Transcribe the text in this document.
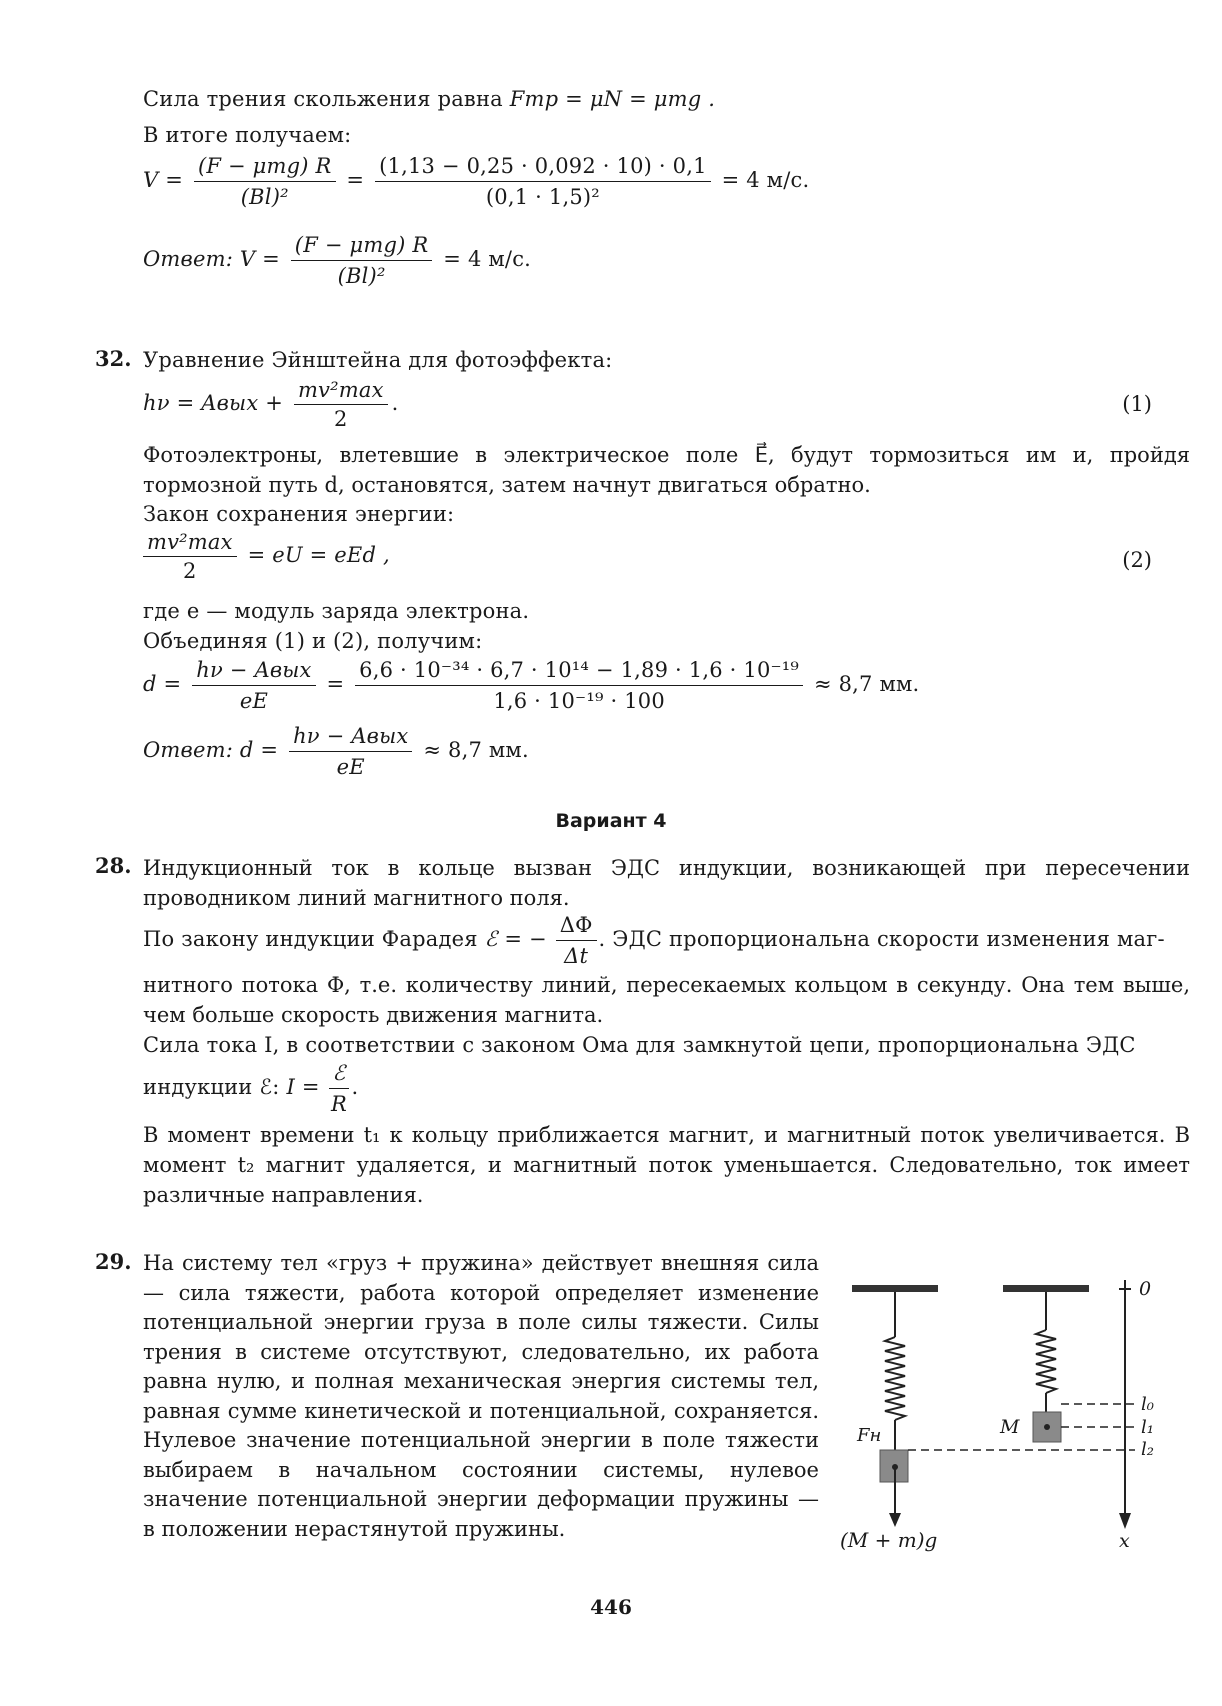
Сила трения скольжения равна Fтр = μN = μmg .
В итоге получаем:
V =
(F − μmg) R
(Bl)²
= $\frac{(1,13 - 0,25 \cdot 0,092 \cdot 10) \cdot 0,1}{\text{(0,1 · 1,5)²}} = 4$ м/с.
Ответ: V =
(F − μmg) R
(Bl)²
= 4 м/с.
32. Уравнение Эйнштейна для фотоэффекта:
hν = Aвых +
mv²max
2
.	(1)

Фотоэлектроны, влетевшие в электрическое поле E⃗, будут тормозиться им и, пройдя тормозной путь d, остановятся, затем начнут двигаться обратно.

Закон сохранения энергии:
mv²max
2
= eU = eEd ,	(2)
где e — модуль заряда электрона.
Объединяя (1) и (2), получим:
d =
hν − Aвых
eE
= $\frac{\text{6,6 · 10⁻³⁴ · 6,7 · 10¹⁴ − 1,89 · 1,6 · 10⁻¹⁹}}{\text{1,6 · 10⁻¹⁹ · 100}} \approx 8,7$ мм.
Ответ: d =
hν − Aвых
eE
≈ 8,7 мм.
Вариант 4
28. Индукционный ток в кольце вызван ЭДС индукции, возникающей при пересечении проводником линий магнитного поля.

По закону индукции Фарадея ℰ = − $\frac{\Delta\Phi}{\Delta t}$ . ЭДС пропорциональна скорости изменения маг-

нитного потока Φ, т.е. количеству линий, пересекаемых кольцом в секунду. Она тем выше, чем больше скорость движения магнита.

Сила тока I, в соответствии с законом Ома для замкнутой цепи, пропорциональна ЭДС
индукции ℰ: I =
ℰ
R
.

В момент времени t₁ к кольцу приближается магнит, и магнитный поток увеличивается. В момент t₂ магнит удаляется, и магнитный поток уменьшается. Следовательно, ток имеет различные направления.

29. На систему тел «груз + пружина» действует внешняя сила — сила тяжести, работа которой определяет изменение потенциальной энергии груза в поле силы тяжести. Силы трения в системе отсутствуют, следовательно, их работа равна нулю, и полная механическая энергия системы тел, равная сумме кинетической и потенциальной, сохраняется. Нулевое значение потенциальной энергии в поле тяжести выбираем в начальном состоянии системы, нулевое значение потенциальной энергии деформации пружины — в положении нерастянутой пружины.

Fн
(M + m)g
M
0
l₀
l₁
l₂
x
446
